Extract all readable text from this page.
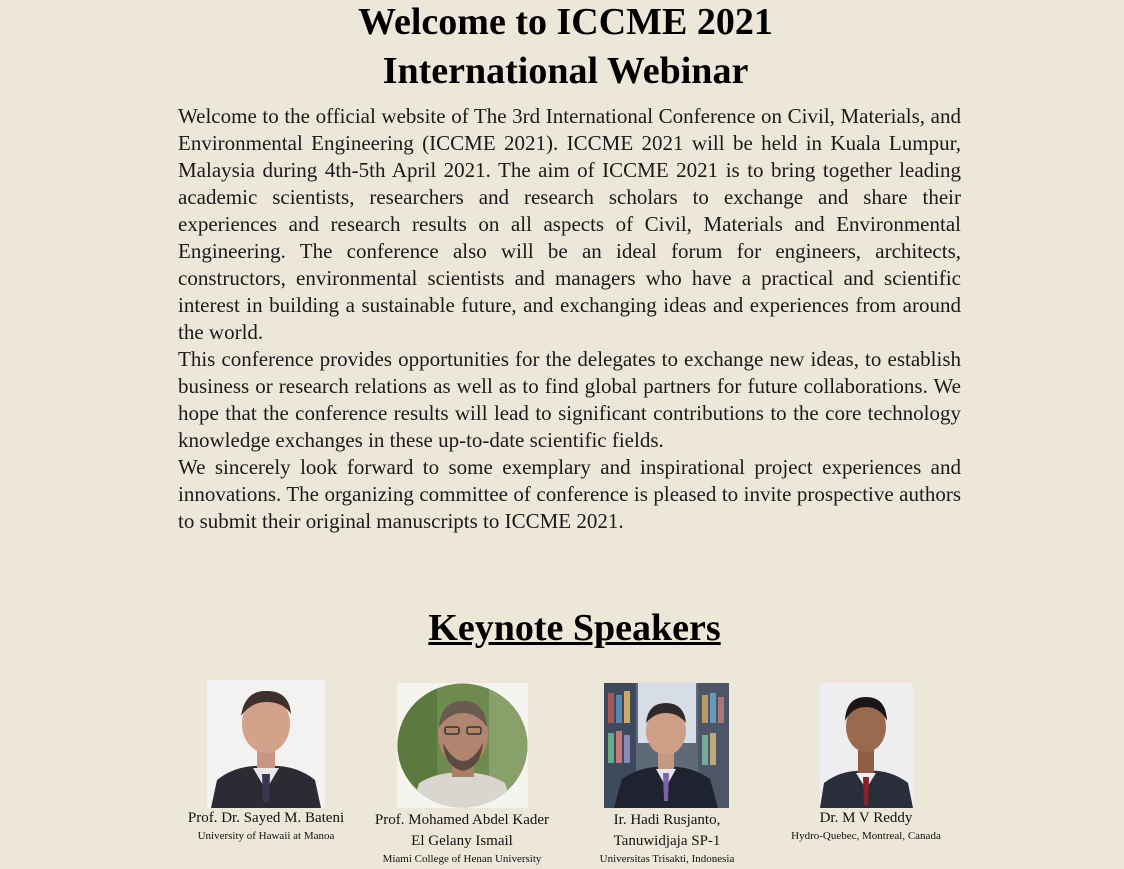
Welcome to ICCME 2021
International Webinar

Welcome to the official website of The 3rd International Conference on Civil, Materials, and Environmental Engineering (ICCME 2021). ICCME 2021 will be held in Kuala Lumpur, Malaysia during 4th-5th April 2021. The aim of ICCME 2021 is to bring together leading academic scientists, researchers and research scholars to exchange and share their experiences and research results on all aspects of Civil, Materials and Environmental Engineering. The conference also will be an ideal forum for engineers, architects, constructors, environmental scientists and managers who have a practical and scientific interest in building a sustainable future, and exchanging ideas and experiences from around the world.

This conference provides opportunities for the delegates to exchange new ideas, to establish business or research relations as well as to find global partners for future collaborations. We hope that the conference results will lead to significant contributions to the core technology knowledge exchanges in these up-to-date scientific fields.

We sincerely look forward to some exemplary and inspirational project experiences and innovations. The organizing committee of conference is pleased to invite prospective authors to submit their original manuscripts to ICCME 2021.

Keynote Speakers
Prof. Dr. Sayed M. Bateni
University of Hawaii at Manoa
Prof. Mohamed Abdel Kader
El Gelany Ismail
Miami College of Henan University
Ir. Hadi Rusjanto,
Tanuwidjaja SP-1
Universitas Trisakti, Indonesia
Dr. M V Reddy
Hydro-Quebec, Montreal, Canada
